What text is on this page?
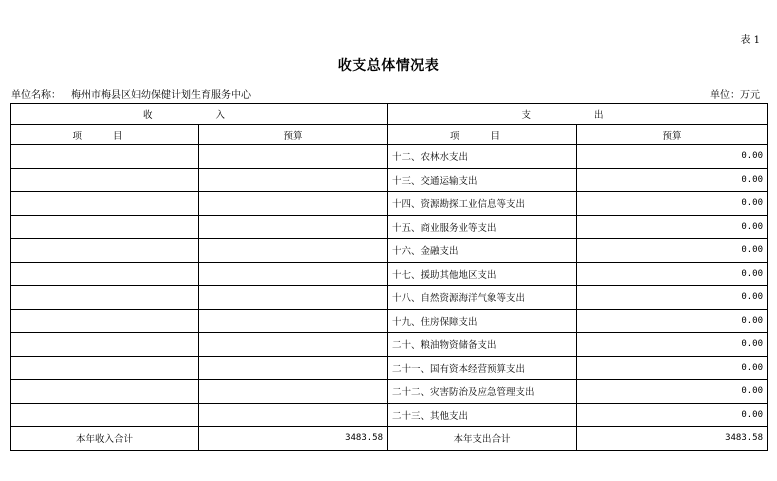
表 1
收支总体情况表
单位名称： 梅州市梅县区妇幼保健计划生育服务中心	单位：万元
收 入		支 出	
项 目	预算	项 目	预算
		十二、农林水支出	0.00
		十三、交通运输支出	0.00
		十四、资源勘探工业信息等支出	0.00
		十五、商业服务业等支出	0.00
		十六、金融支出	0.00
		十七、援助其他地区支出	0.00
		十八、自然资源海洋气象等支出	0.00
		十九、住房保障支出	0.00
		二十、粮油物资储备支出	0.00
		二十一、国有资本经营预算支出	0.00
		二十二、灾害防治及应急管理支出	0.00
		二十三、其他支出	0.00
本年收入合计	3483.58	本年支出合计	3483.58
